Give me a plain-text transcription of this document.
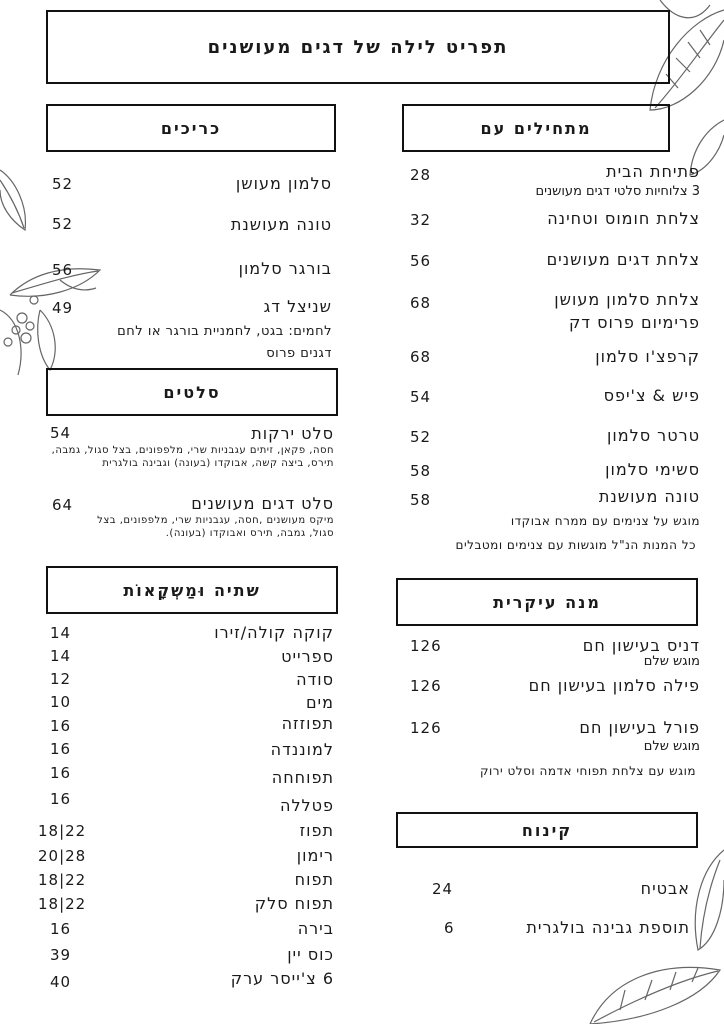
תפריט לילה של דגים מעושנים
מתחילים עם
כריכים
סלטים
שתיה וּמַשְקָאוֹת
מנה עיקרית
קינוח
פתיחת הבית
3 צלוחיות סלטי דגים מעושנים
28
צלחת חומוס וטחינה
32
צלחת דגים מעושנים
56
צלחת סלמון מעושן
פרימיום פרוס דק
68
קרפצ'ו סלמון
68
פיש & צ'יפס
54
טרטר סלמון
52
סשימי סלמון
58
טונה מעושנת
58
מוגש על צנימים עם ממרח אבוקדו
כל המנות הנ"ל מוגשות עם צנימים ומטבלים
דניס בעישון חם
מוגש שלם
126
פילה סלמון בעישון חם
126
פורל בעישון חם
מוגש שלם
126
מוגש עם צלחת תפוחי אדמה וסלט ירוק
אבטיח
24
תוספת גבינה בולגרית
6
סלמון מעושן
52
טונה מעושנת
52
בורגר סלמון
56
שניצל דג
49
לחמים: בגט, לחמניית בורגר או לחם דגנים פרוס
סלט ירקות
54
חסה, פקאן, זיתים עגבניות שרי, מלפפונים, בצל סגול, גמבה, תירס, ביצה קשה, אבוקדו (בעונה) וגבינה בולגרית
סלט דגים מעושנים
64
מיקס מעושנים ,חסה, עגבניות שרי, מלפפונים, בצל סגול, גמבה, תירס ואבוקדו (בעונה).
קוקה קולה/זירו
14
ספרייט
14
סודה
12
מים
10
תפוזזה
16
למוננדה
16
תפוחחה
16
פטללה
16
תפוז
18|22
רימון
20|28
תפוח
18|22
תפוח סלק
18|22
בירה
16
כוס יין
39
6 צ'ייסר ערק
40
